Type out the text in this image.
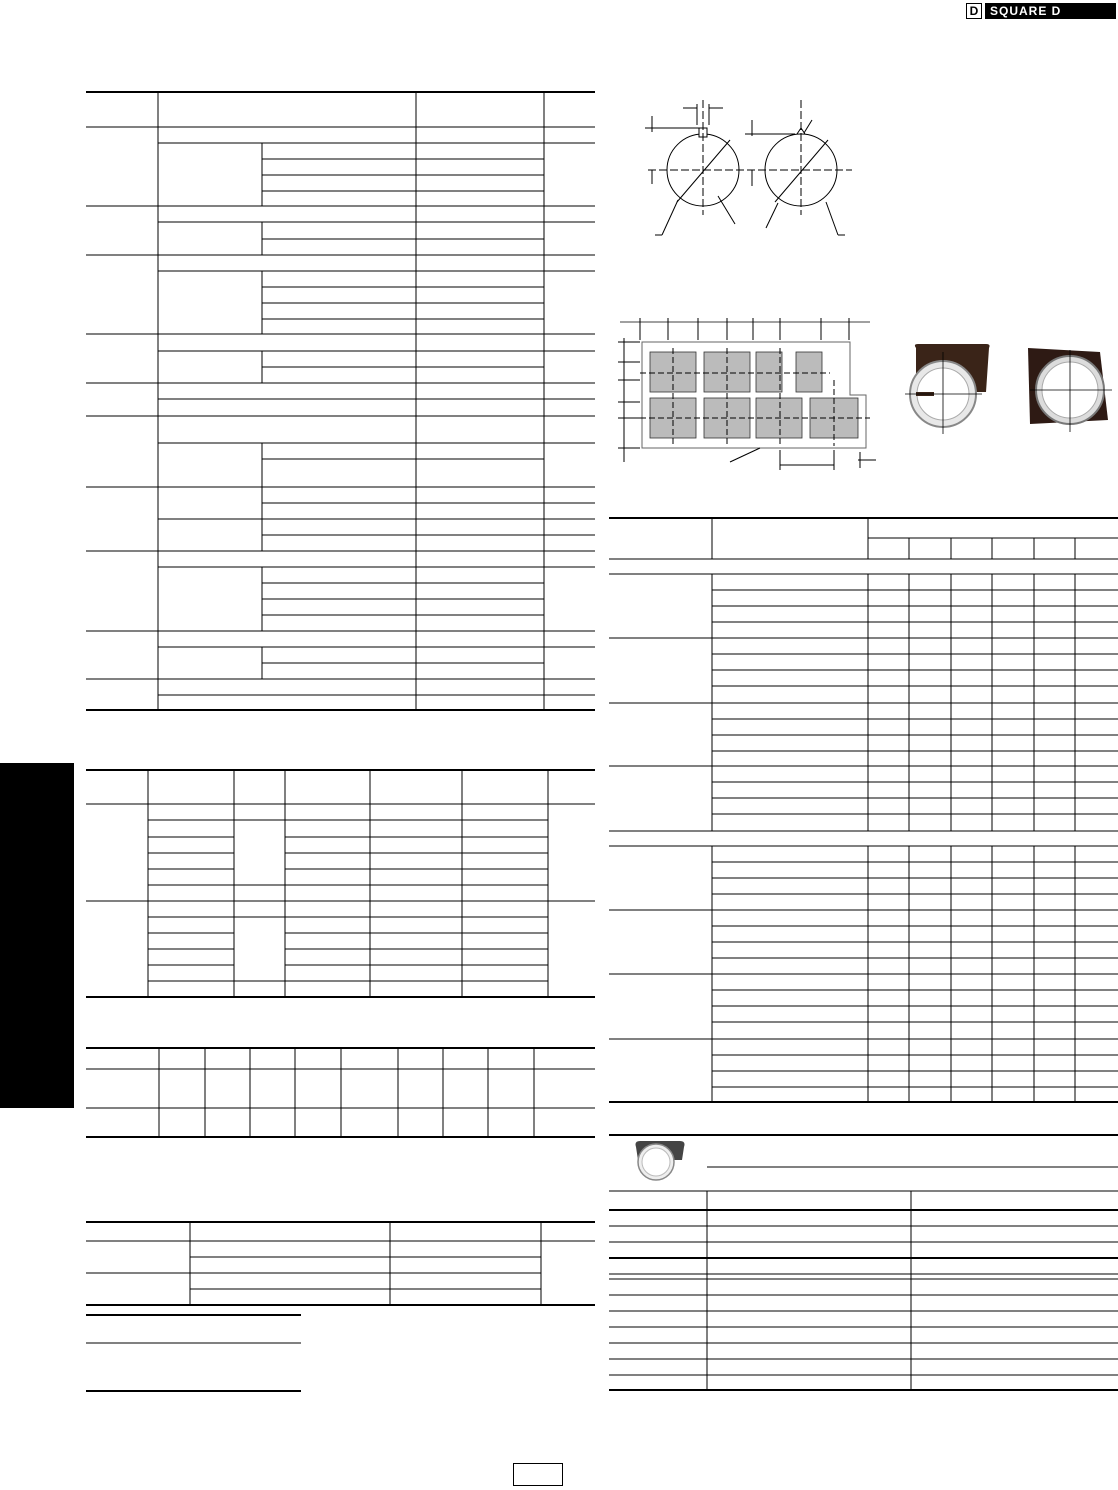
D SQUARE D
